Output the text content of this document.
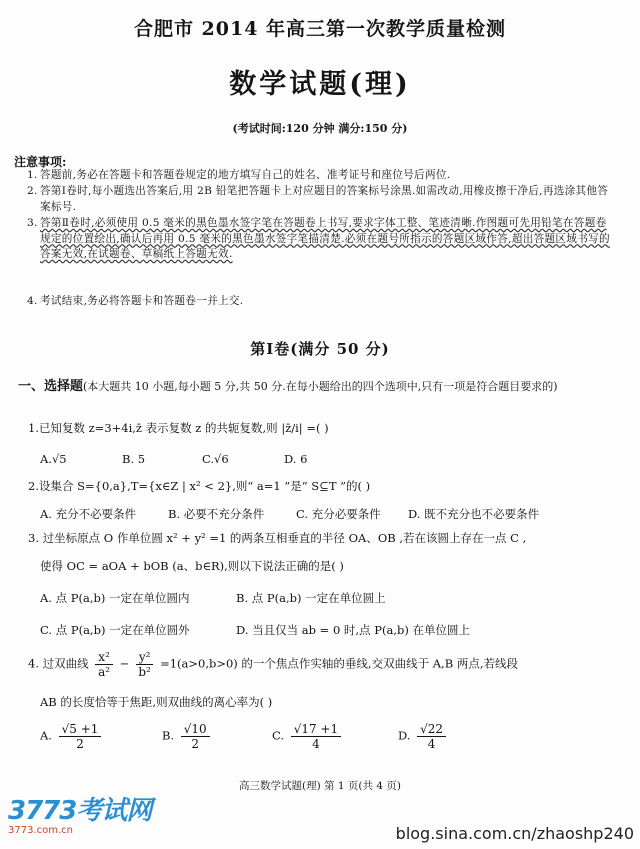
合肥市 2014 年高三第一次教学质量检测
数学试题(理)
(考试时间:120 分钟 满分:150 分)
注意事项:
1. 答题前,务必在答题卡和答题卷规定的地方填写自己的姓名、准考证号和座位号后两位.
2. 答第Ⅰ卷时,每小题选出答案后,用 2B 铅笔把答题卡上对应题目的答案标号涂黑.如需改动,用橡皮擦干净后,再选涂其他答案标号.
3. 答第Ⅱ卷时,必须使用 0.5 毫米的黑色墨水签字笔在答题卷上书写,要求字体工整、笔迹清晰.作图题可先用铅笔在答题卷规定的位置绘出,确认后再用 0.5 毫米的黑色墨水签字笔描清楚.必须在题号所指示的答题区域作答,超出答题区域书写的答案无效,在试题卷、草稿纸上答题无效.
4. 考试结束,务必将答题卡和答题卷一并上交.
第Ⅰ卷(满分 50 分)
一、选择题(本大题共 10 小题,每小题 5 分,共 50 分.在每小题给出的四个选项中,只有一项是符合题目要求的)
1.已知复数 z=3+4i,z̄ 表示复数 z 的共轭复数,则 |z̄/i| =( )
A.√5	B. 5	C.√6	D. 6
2.设集合 S={0,a},T={x∈Z | x² < 2},则“ a=1 ”是“ S⊆T ”的( )
A. 充分不必要条件	B. 必要不充分条件	C. 充分必要条件 D. 既不充分也不必要条件
3. 过坐标原点 O 作单位圆 x² + y² =1 的两条互相垂直的半径 OA、OB ,若在该圆上存在一点 C ,
使得 OC = aOA + bOB (a、b∈R),则以下说法正确的是( )
A. 点 P(a,b) 一定在单位圆内	B. 点 P(a,b) 一定在单位圆上
C. 点 P(a,b) 一定在单位圆外	D. 当且仅当 ab = 0 时,点 P(a,b) 在单位圆上
4. 过双曲线 $\frac{\text{x²}}{\text{a²}} - \frac{\text{y²}}{\text{b²}} =1(a>0,b>0)$ 的一个焦点作实轴的垂线,交双曲线于 A,B 两点,若线段
AB 的长度恰等于焦距,则双曲线的离心率为( )
A. $\frac{√5 +1}{2}$	B. $\frac{√10}{2}$	C. $\frac{√17 +1}{4}$	D. $\frac{√22}{4}$
高三数学试题(理) 第 1 页(共 4 页)
3773考试网
3773.com.cn	blog.sina.com.cn/zhaoshp240
